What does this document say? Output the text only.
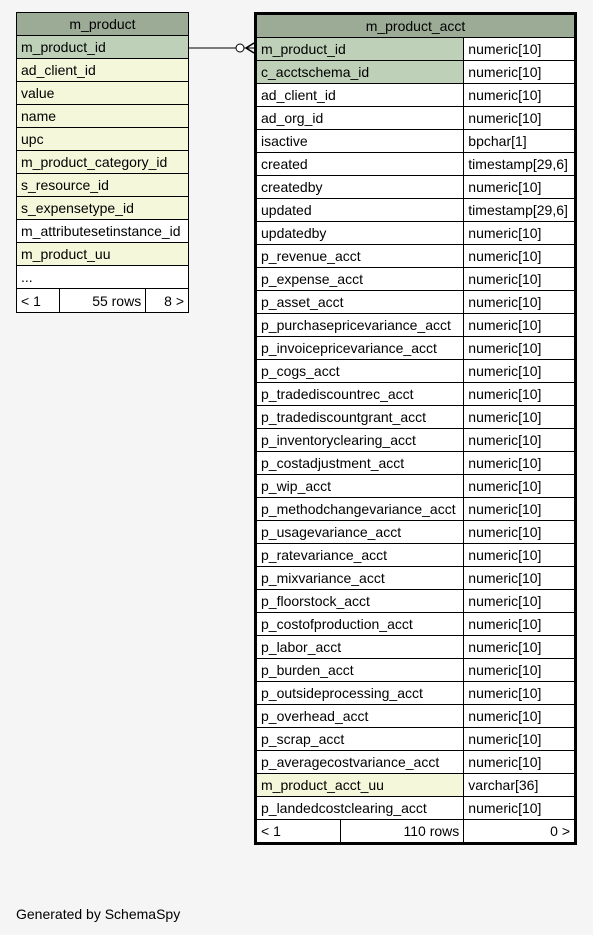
m_product
m_product_id
ad_client_id
value
name
upc
m_product_category_id
s_resource_id
s_expensetype_id
m_attributesetinstance_id
m_product_uu
...

< 1	55 rows	8 >
m_product_acct		
m_product_id		numeric[10]
c_acctschema_id		numeric[10]
ad_client_id		numeric[10]
ad_org_id		numeric[10]
isactive		bpchar[1]
created		timestamp[29,6]
createdby		numeric[10]
updated		timestamp[29,6]
updatedby		numeric[10]
p_revenue_acct		numeric[10]
p_expense_acct		numeric[10]
p_asset_acct		numeric[10]
p_purchasepricevariance_acct		numeric[10]
p_invoicepricevariance_acct		numeric[10]
p_cogs_acct		numeric[10]
p_tradediscountrec_acct		numeric[10]
p_tradediscountgrant_acct		numeric[10]
p_inventoryclearing_acct		numeric[10]
p_costadjustment_acct		numeric[10]
p_wip_acct		numeric[10]
p_methodchangevariance_acct		numeric[10]
p_usagevariance_acct		numeric[10]
p_ratevariance_acct		numeric[10]
p_mixvariance_acct		numeric[10]
p_floorstock_acct		numeric[10]
p_costofproduction_acct		numeric[10]
p_labor_acct		numeric[10]
p_burden_acct		numeric[10]
p_outsideprocessing_acct		numeric[10]
p_overhead_acct		numeric[10]
p_scrap_acct		numeric[10]
p_averagecostvariance_acct		numeric[10]
m_product_acct_uu		varchar[36]
p_landedcostclearing_acct		numeric[10]
< 1	110 rows	0 >
Generated by SchemaSpy
